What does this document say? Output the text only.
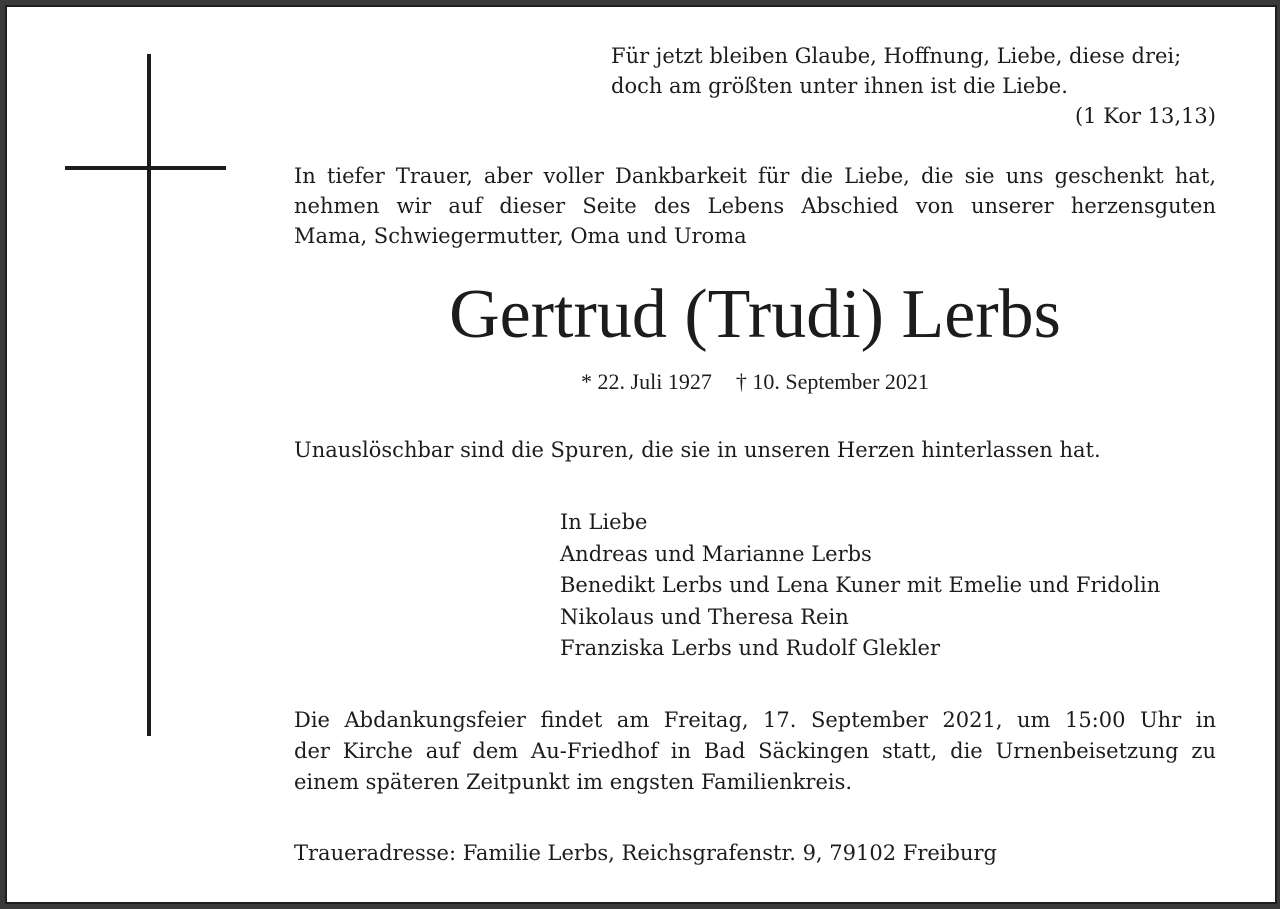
Für jetzt bleiben Glaube, Hoffnung, Liebe, diese drei;
doch am größten unter ihnen ist die Liebe.
(1 Kor 13,13)
In tiefer Trauer, aber voller Dankbarkeit für die Liebe, die sie uns geschenkt hat,
nehmen wir auf dieser Seite des Lebens Abschied von unserer herzensguten
Mama, Schwiegermutter, Oma und Uroma
Gertrud (Trudi) Lerbs
* 22. Juli 1927 † 10. September 2021
Unauslöschbar sind die Spuren, die sie in unseren Herzen hinterlassen hat.
In Liebe
Andreas und Marianne Lerbs
Benedikt Lerbs und Lena Kuner mit Emelie und Fridolin
Nikolaus und Theresa Rein
Franziska Lerbs und Rudolf Glekler
Die Abdankungsfeier findet am Freitag, 17. September 2021, um 15:00 Uhr in
der Kirche auf dem Au-Friedhof in Bad Säckingen statt, die Urnenbeisetzung zu
einem späteren Zeitpunkt im engsten Familienkreis.
Traueradresse: Familie Lerbs, Reichsgrafenstr. 9, 79102 Freiburg
